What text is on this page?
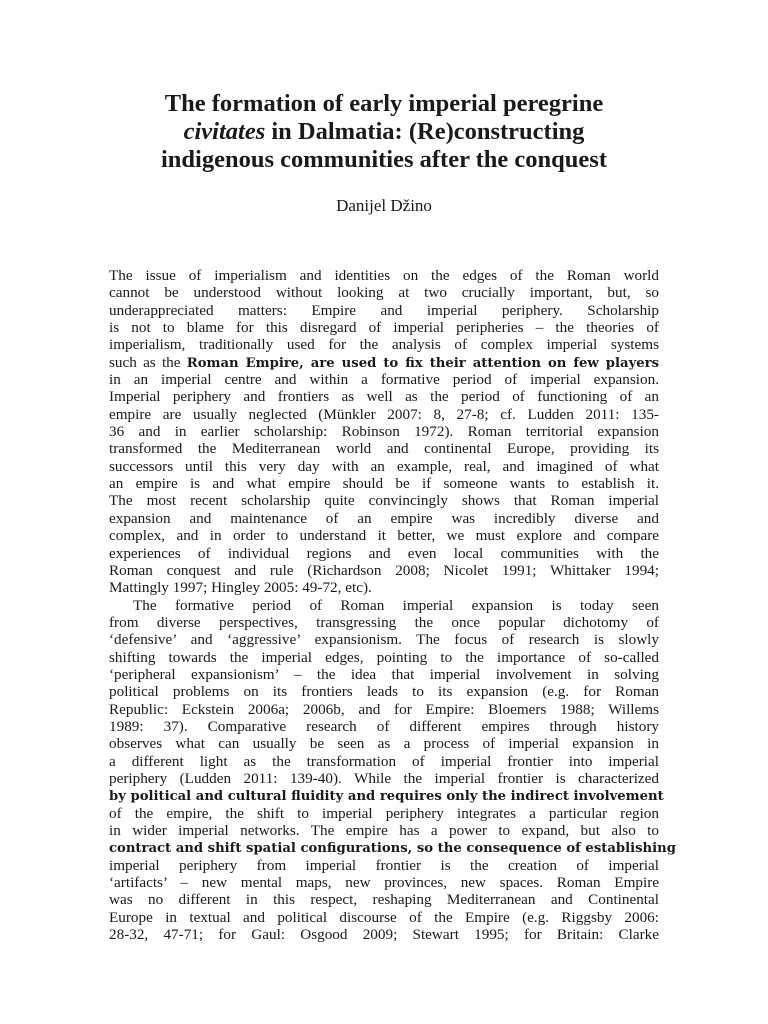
The formation of early imperial peregrine
civitates in Dalmatia: (Re)constructing
indigenous communities after the conquest
Danijel Džino
The issue of imperialism and identities on the edges of the Roman world
cannot be understood without looking at two crucially important, but, so
underappreciated matters: Empire and imperial periphery. Scholarship
is not to blame for this disregard of imperial peripheries – the theories of
imperialism, traditionally used for the analysis of complex imperial systems
such as the Roman Empire, are used to fix their attention on few players
in an imperial centre and within a formative period of imperial expansion.
Imperial periphery and frontiers as well as the period of functioning of an
empire are usually neglected (Münkler 2007: 8, 27-8; cf. Ludden 2011: 135-
36 and in earlier scholarship: Robinson 1972). Roman territorial expansion
transformed the Mediterranean world and continental Europe, providing its
successors until this very day with an example, real, and imagined of what
an empire is and what empire should be if someone wants to establish it.
The most recent scholarship quite convincingly shows that Roman imperial
expansion and maintenance of an empire was incredibly diverse and
complex, and in order to understand it better, we must explore and compare
experiences of individual regions and even local communities with the
Roman conquest and rule (Richardson 2008; Nicolet 1991; Whittaker 1994;
Mattingly 1997; Hingley 2005: 49-72, etc).
The formative period of Roman imperial expansion is today seen
from diverse perspectives, transgressing the once popular dichotomy of
‘defensive’ and ‘aggressive’ expansionism. The focus of research is slowly
shifting towards the imperial edges, pointing to the importance of so-called
‘peripheral expansionism’ – the idea that imperial involvement in solving
political problems on its frontiers leads to its expansion (e.g. for Roman
Republic: Eckstein 2006a; 2006b, and for Empire: Bloemers 1988; Willems
1989: 37). Comparative research of different empires through history
observes what can usually be seen as a process of imperial expansion in
a different light as the transformation of imperial frontier into imperial
periphery (Ludden 2011: 139-40). While the imperial frontier is characterized
by political and cultural fluidity and requires only the indirect involvement
of the empire, the shift to imperial periphery integrates a particular region
in wider imperial networks. The empire has a power to expand, but also to
contract and shift spatial configurations, so the consequence of establishing
imperial periphery from imperial frontier is the creation of imperial
‘artifacts’ – new mental maps, new provinces, new spaces. Roman Empire
was no different in this respect, reshaping Mediterranean and Continental
Europe in textual and political discourse of the Empire (e.g. Riggsby 2006:
28-32, 47-71; for Gaul: Osgood 2009; Stewart 1995; for Britain: Clarke
